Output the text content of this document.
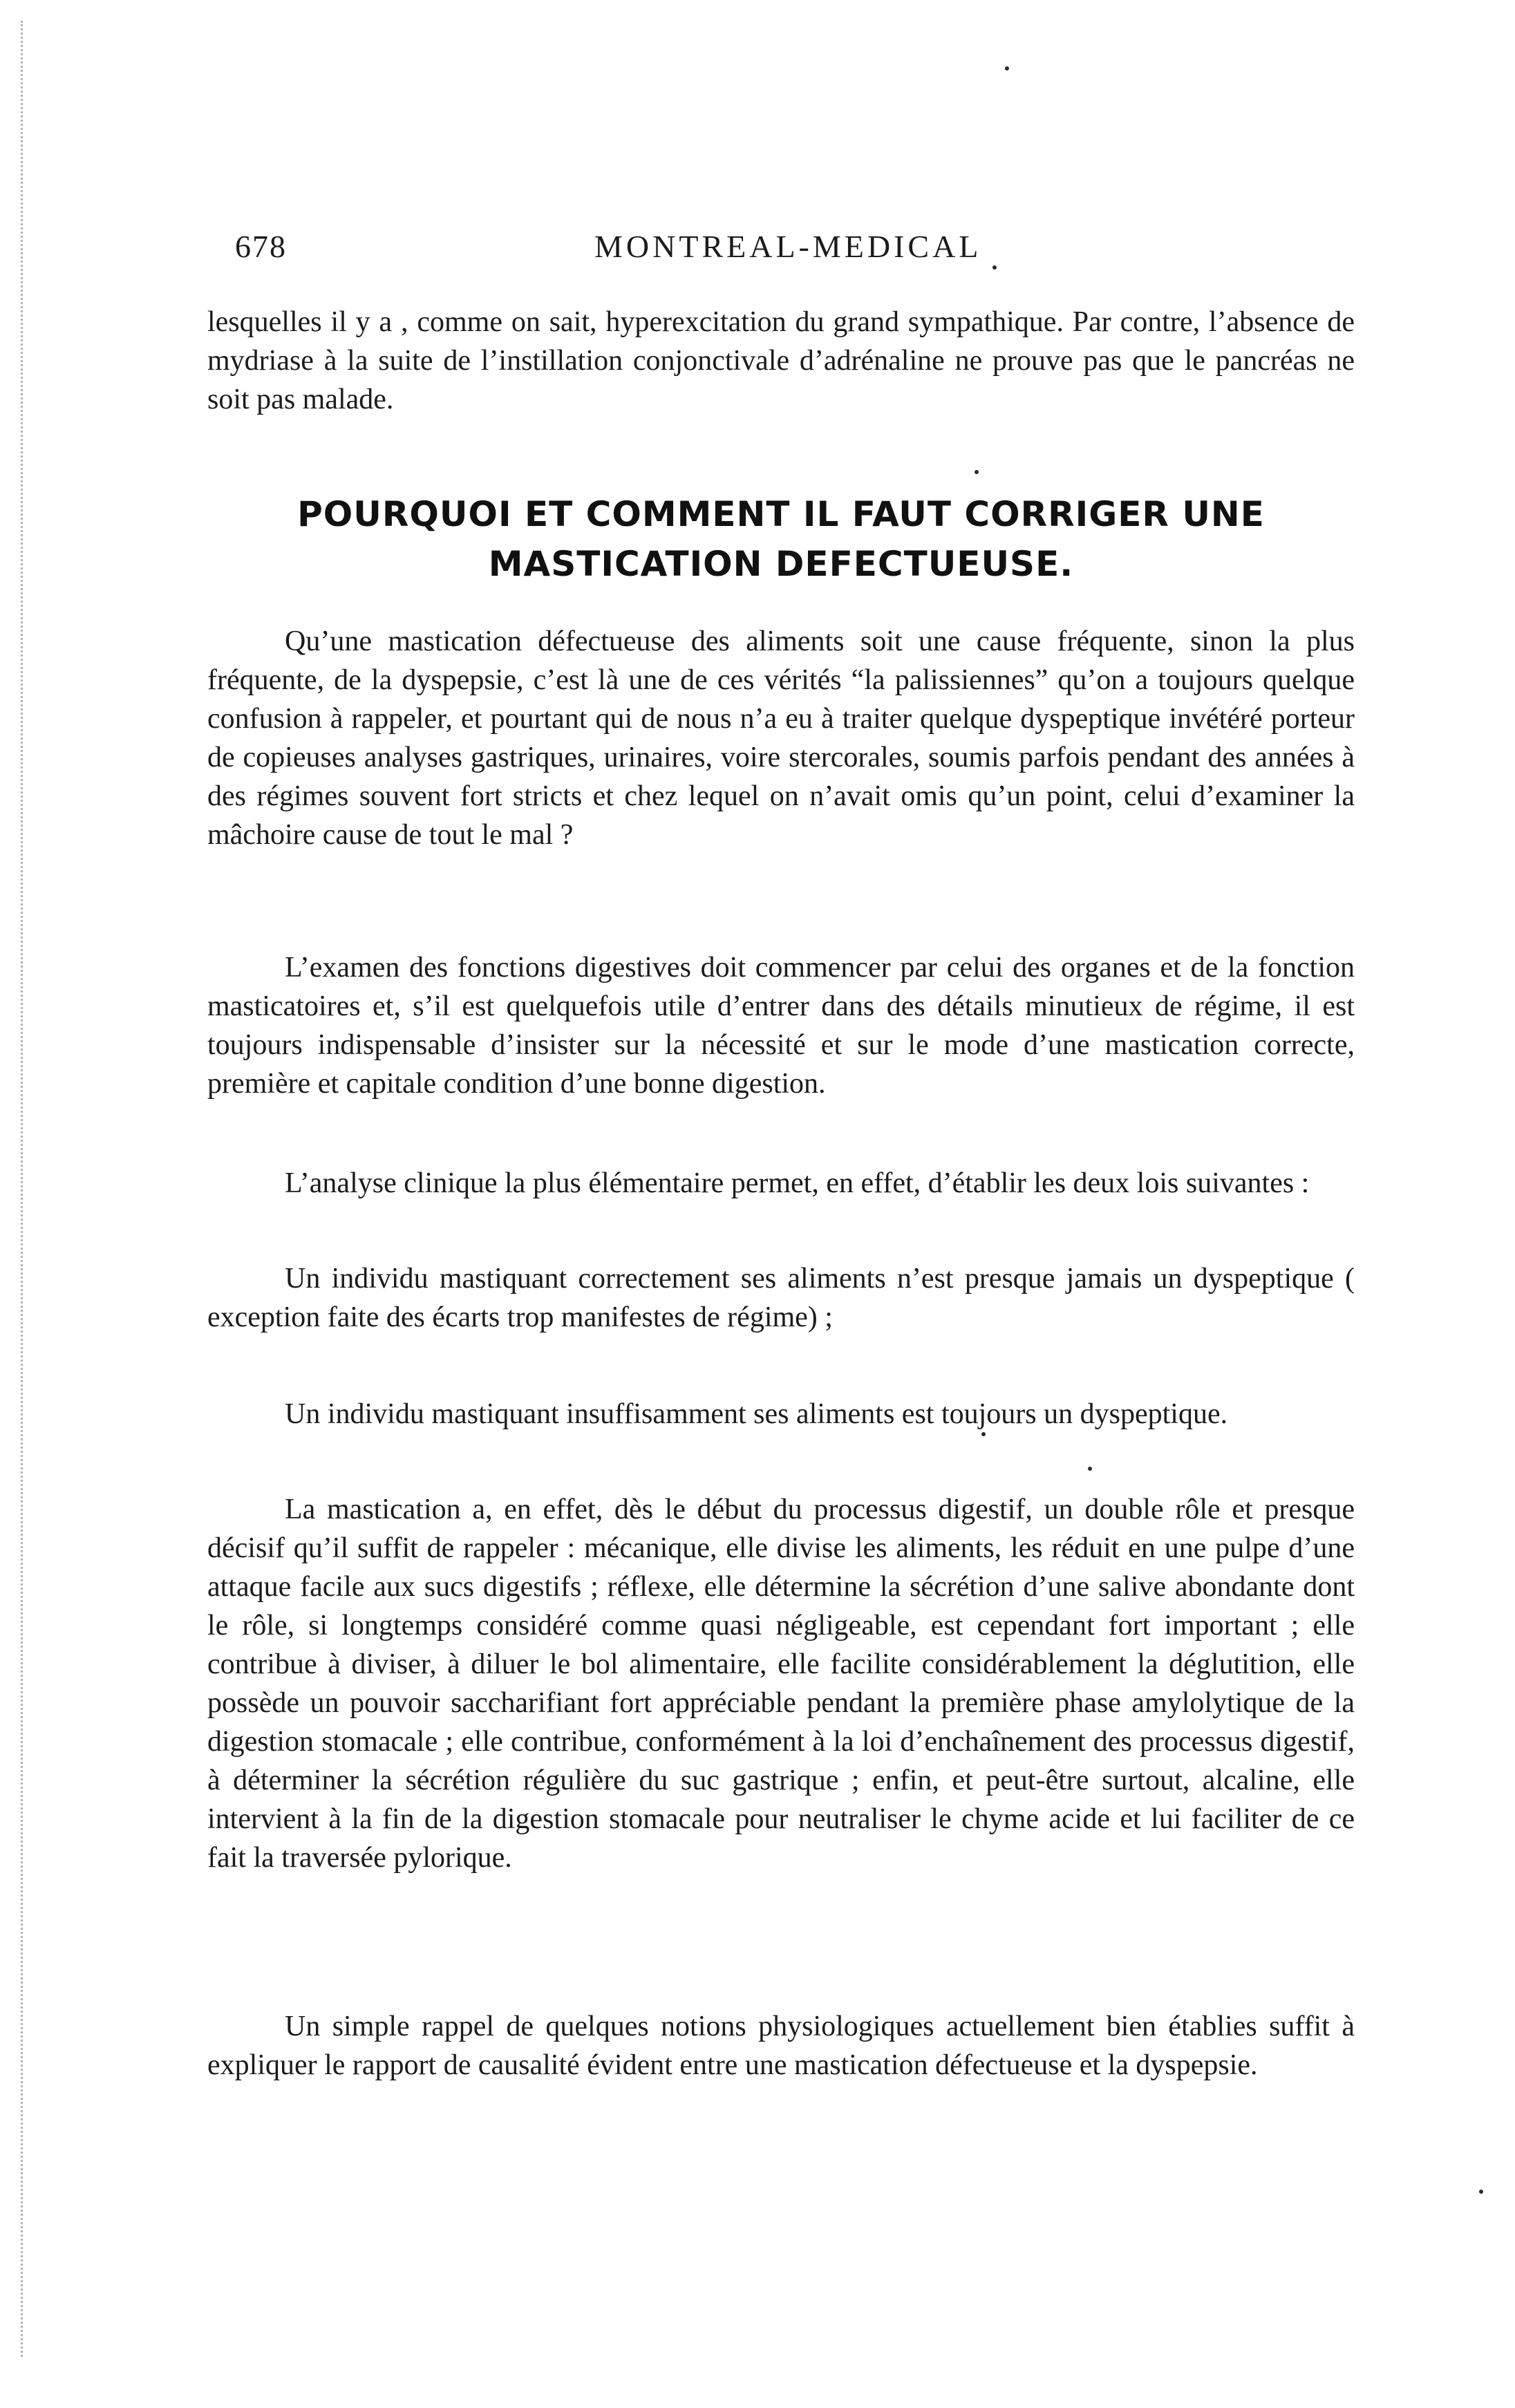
678	MONTREAL-MEDICAL

lesquelles il y a , comme on sait, hyperexcitation du grand sympathique. Par contre, l’absence de mydriase à la suite de l’instillation conjonctivale d’adrénaline ne prouve pas que le pancréas ne soit pas malade.

POURQUOI ET COMMENT IL FAUT CORRIGER UNE
MASTICATION DEFECTUEUSE.

Qu’une mastication défectueuse des aliments soit une cause fréquente, sinon la plus fréquente, de la dyspepsie, c’est là une de ces vérités “la palissiennes” qu’on a toujours quelque confusion à rappeler, et pourtant qui de nous n’a eu à traiter quelque dyspeptique invétéré porteur de copieuses analyses gastriques, urinaires, voire stercorales, soumis parfois pendant des années à des régimes souvent fort stricts et chez lequel on n’avait omis qu’un point, celui d’examiner la mâchoire cause de tout le mal ?

L’examen des fonctions digestives doit commencer par celui des organes et de la fonction masticatoires et, s’il est quelquefois utile d’entrer dans des détails minutieux de régime, il est toujours indispensable d’insister sur la nécessité et sur le mode d’une mastication correcte, première et capitale condition d’une bonne digestion.

L’analyse clinique la plus élémentaire permet, en effet, d’établir les deux lois suivantes :

Un individu mastiquant correctement ses aliments n’est presque jamais un dyspeptique ( exception faite des écarts trop manifestes de régime) ;

Un individu mastiquant insuffisamment ses aliments est toujours un dyspeptique.

La mastication a, en effet, dès le début du processus digestif, un double rôle et presque décisif qu’il suffit de rappeler : mécanique, elle divise les aliments, les réduit en une pulpe d’une attaque facile aux sucs digestifs ; réflexe, elle détermine la sécrétion d’une salive abondante dont le rôle, si longtemps considéré comme quasi négligeable, est cependant fort important ; elle contribue à diviser, à diluer le bol alimentaire, elle facilite considérablement la déglutition, elle possède un pouvoir saccharifiant fort appréciable pendant la première phase amylolytique de la digestion stomacale ; elle contribue, conformément à la loi d’enchaînement des processus digestif, à déterminer la sécrétion régulière du suc gastrique ; enfin, et peut-être surtout, alcaline, elle intervient à la fin de la digestion stomacale pour neutraliser le chyme acide et lui faciliter de ce fait la traversée pylorique.

Un simple rappel de quelques notions physiologiques actuellement bien établies suffit à expliquer le rapport de causalité évident entre une mastication défectueuse et la dyspepsie.
